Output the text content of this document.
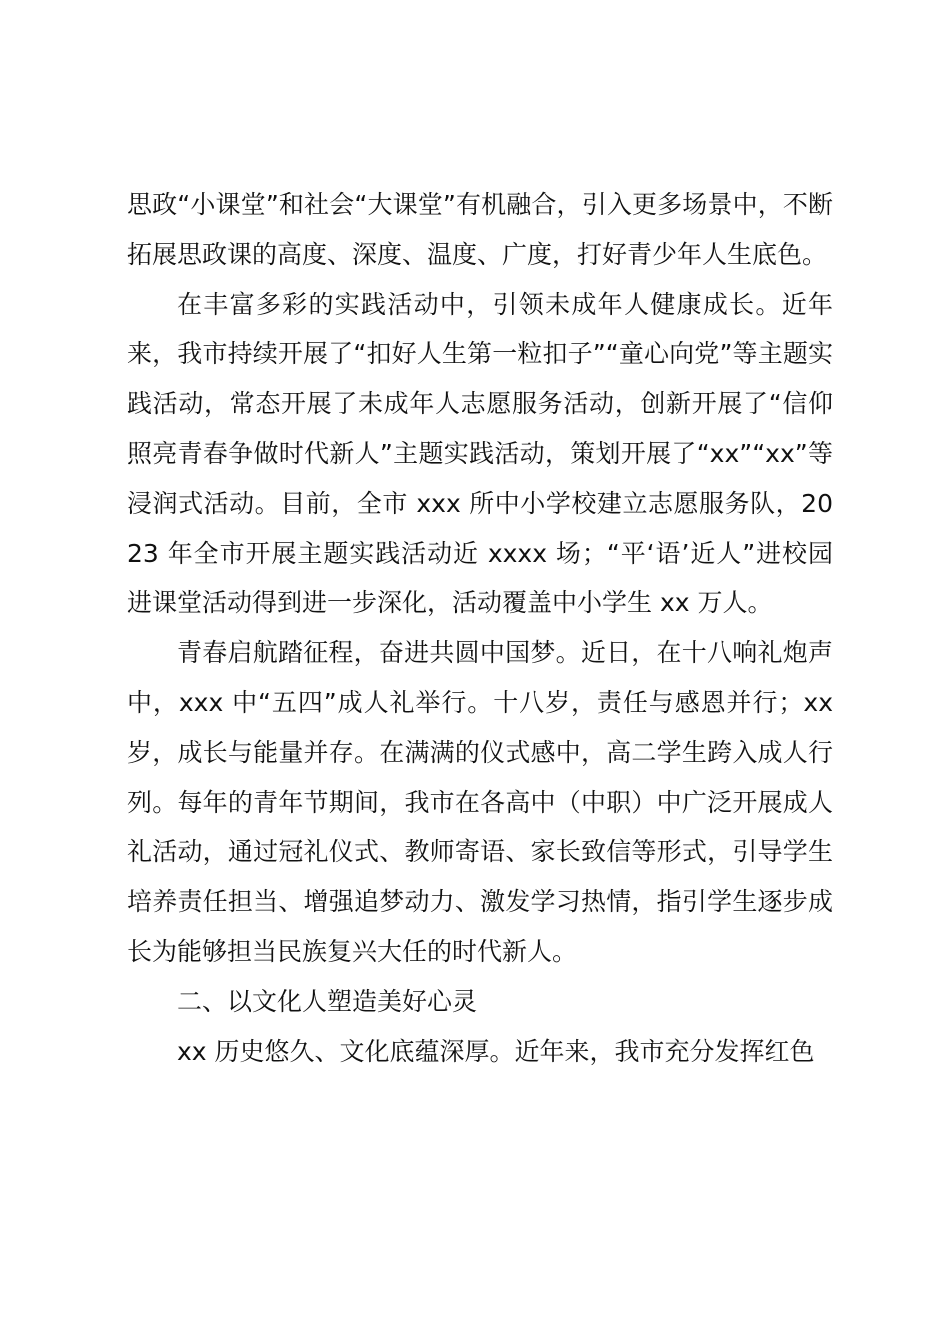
思政“小课堂”和社会“大课堂”有机融合，引入更多场景中，不断拓展思政课的高度、深度、温度、广度，打好青少年人生底色。

在丰富多彩的实践活动中，引领未成年人健康成长。近年来，我市持续开展了“扣好人生第一粒扣子”“童心向党”等主题实践活动，常态开展了未成年人志愿服务活动，创新开展了“信仰照亮青春争做时代新人”主题实践活动，策划开展了“xx”“xx”等浸润式活动。目前，全市 xxx 所中小学校建立志愿服务队，2023 年全市开展主题实践活动近 xxxx 场；“平‘语’近人”进校园进课堂活动得到进一步深化，活动覆盖中小学生 xx 万人。

青春启航踏征程，奋进共圆中国梦。近日，在十八响礼炮声中，xxx 中“五四”成人礼举行。十八岁，责任与感恩并行；xx 岁，成长与能量并存。在满满的仪式感中，高二学生跨入成人行列。每年的青年节期间，我市在各高中（中职）中广泛开展成人礼活动，通过冠礼仪式、教师寄语、家长致信等形式，引导学生培养责任担当、增强追梦动力、激发学习热情，指引学生逐步成长为能够担当民族复兴大任的时代新人。

二、以文化人塑造美好心灵

xx 历史悠久、文化底蕴深厚。近年来，我市充分发挥红色
